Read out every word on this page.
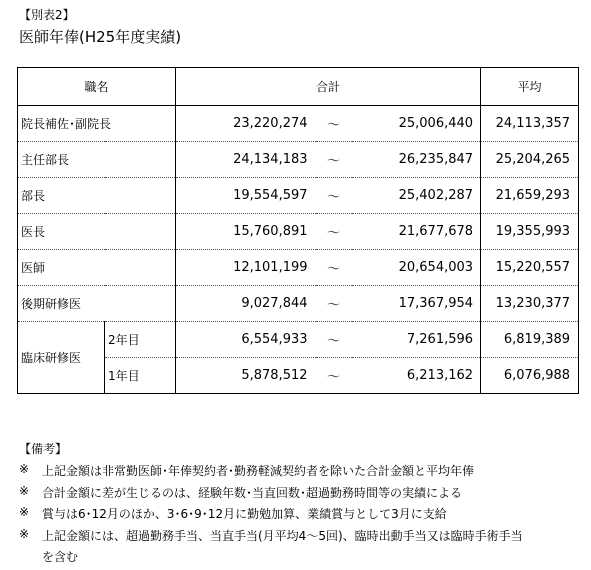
【別表2】
医師年俸(H25年度実績)
職名		合計			平均
院長補佐･副院長		23,220,274	～	25,006,440	24,113,357
主任部長		24,134,183	～	26,235,847	25,204,265
部長		19,554,597	～	25,402,287	21,659,293
医長		15,760,891	～	21,677,678	19,355,993
医師		12,101,199	～	20,654,003	15,220,557
後期研修医		9,027,844	～	17,367,954	13,230,377
臨床研修医	2年目	6,554,933	～	7,261,596	6,819,389
	1年目	5,878,512	～	6,213,162	6,076,988
【備考】
※ 上記金額は非常勤医師･年俸契約者･勤務軽減契約者を除いた合計金額と平均年俸
※ 合計金額に差が生じるのは、経験年数･当直回数･超過勤務時間等の実績による
※ 賞与は6･12月のほか、3･6･9･12月に勤勉加算、業績賞与として3月に支給
※ 上記金額には、超過勤務手当、当直手当(月平均4～5回)、臨時出動手当又は臨時手術手当
を含む
